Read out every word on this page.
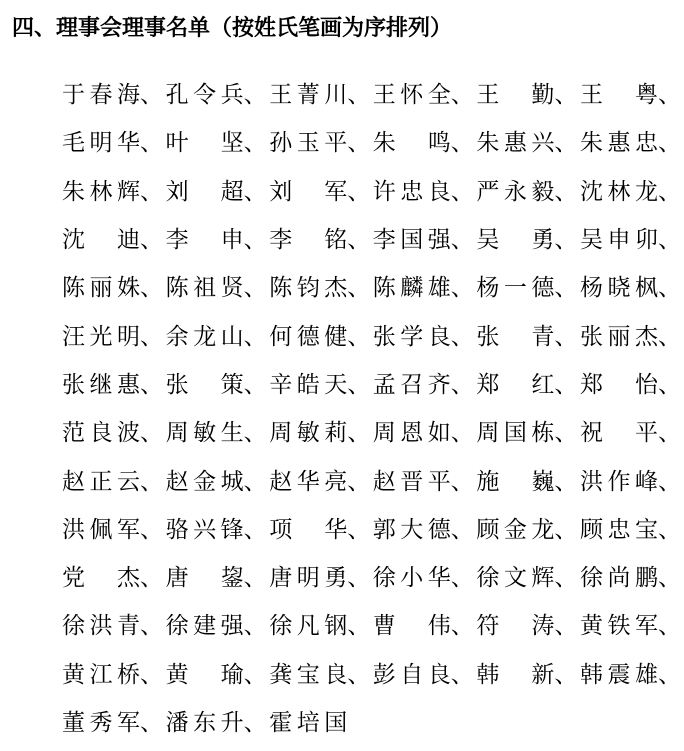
四、理事会理事名单（按姓氏笔画为序排列）
于 春 海 、 孔 令 兵 、 王 菁 川 、 王 怀 全 、 王 勤 、 王 粤 、
毛 明 华 、 叶 坚 、 孙 玉 平 、 朱 鸣 、 朱 惠 兴 、 朱 惠 忠 、
朱 林 辉 、 刘 超 、 刘 军 、 许 忠 良 、 严 永 毅 、 沈 林 龙 、
沈 迪 、 李 申 、 李 铭 、 李 国 强 、 吴 勇 、 吴 申 卯 、
陈 丽 姝 、 陈 祖 贤 、 陈 钧 杰 、 陈 麟 雄 、 杨 一 德 、 杨 晓 枫 、
汪 光 明 、 余 龙 山 、 何 德 健 、 张 学 良 、 张 青 、 张 丽 杰 、
张 继 惠 、 张 策 、 辛 皓 天 、 孟 召 齐 、 郑 红 、 郑 怡 、
范 良 波 、 周 敏 生 、 周 敏 莉 、 周 恩 如 、 周 国 栋 、 祝 平 、
赵 正 云 、 赵 金 城 、 赵 华 亮 、 赵 晋 平 、 施 巍 、 洪 作 峰 、
洪 佩 军 、 骆 兴 锋 、 项 华 、 郭 大 德 、 顾 金 龙 、 顾 忠 宝 、
党 杰 、 唐 鋆 、 唐 明 勇 、 徐 小 华 、 徐 文 辉 、 徐 尚 鹏 、
徐 洪 青 、 徐 建 强 、 徐 凡 钢 、 曹 伟 、 符 涛 、 黄 铁 军 、
黄 江 桥 、 黄 瑜 、 龚 宝 良 、 彭 自 良 、 韩 新 、 韩 震 雄 、
董 秀 军 、 潘 东 升 、 霍 培 国
